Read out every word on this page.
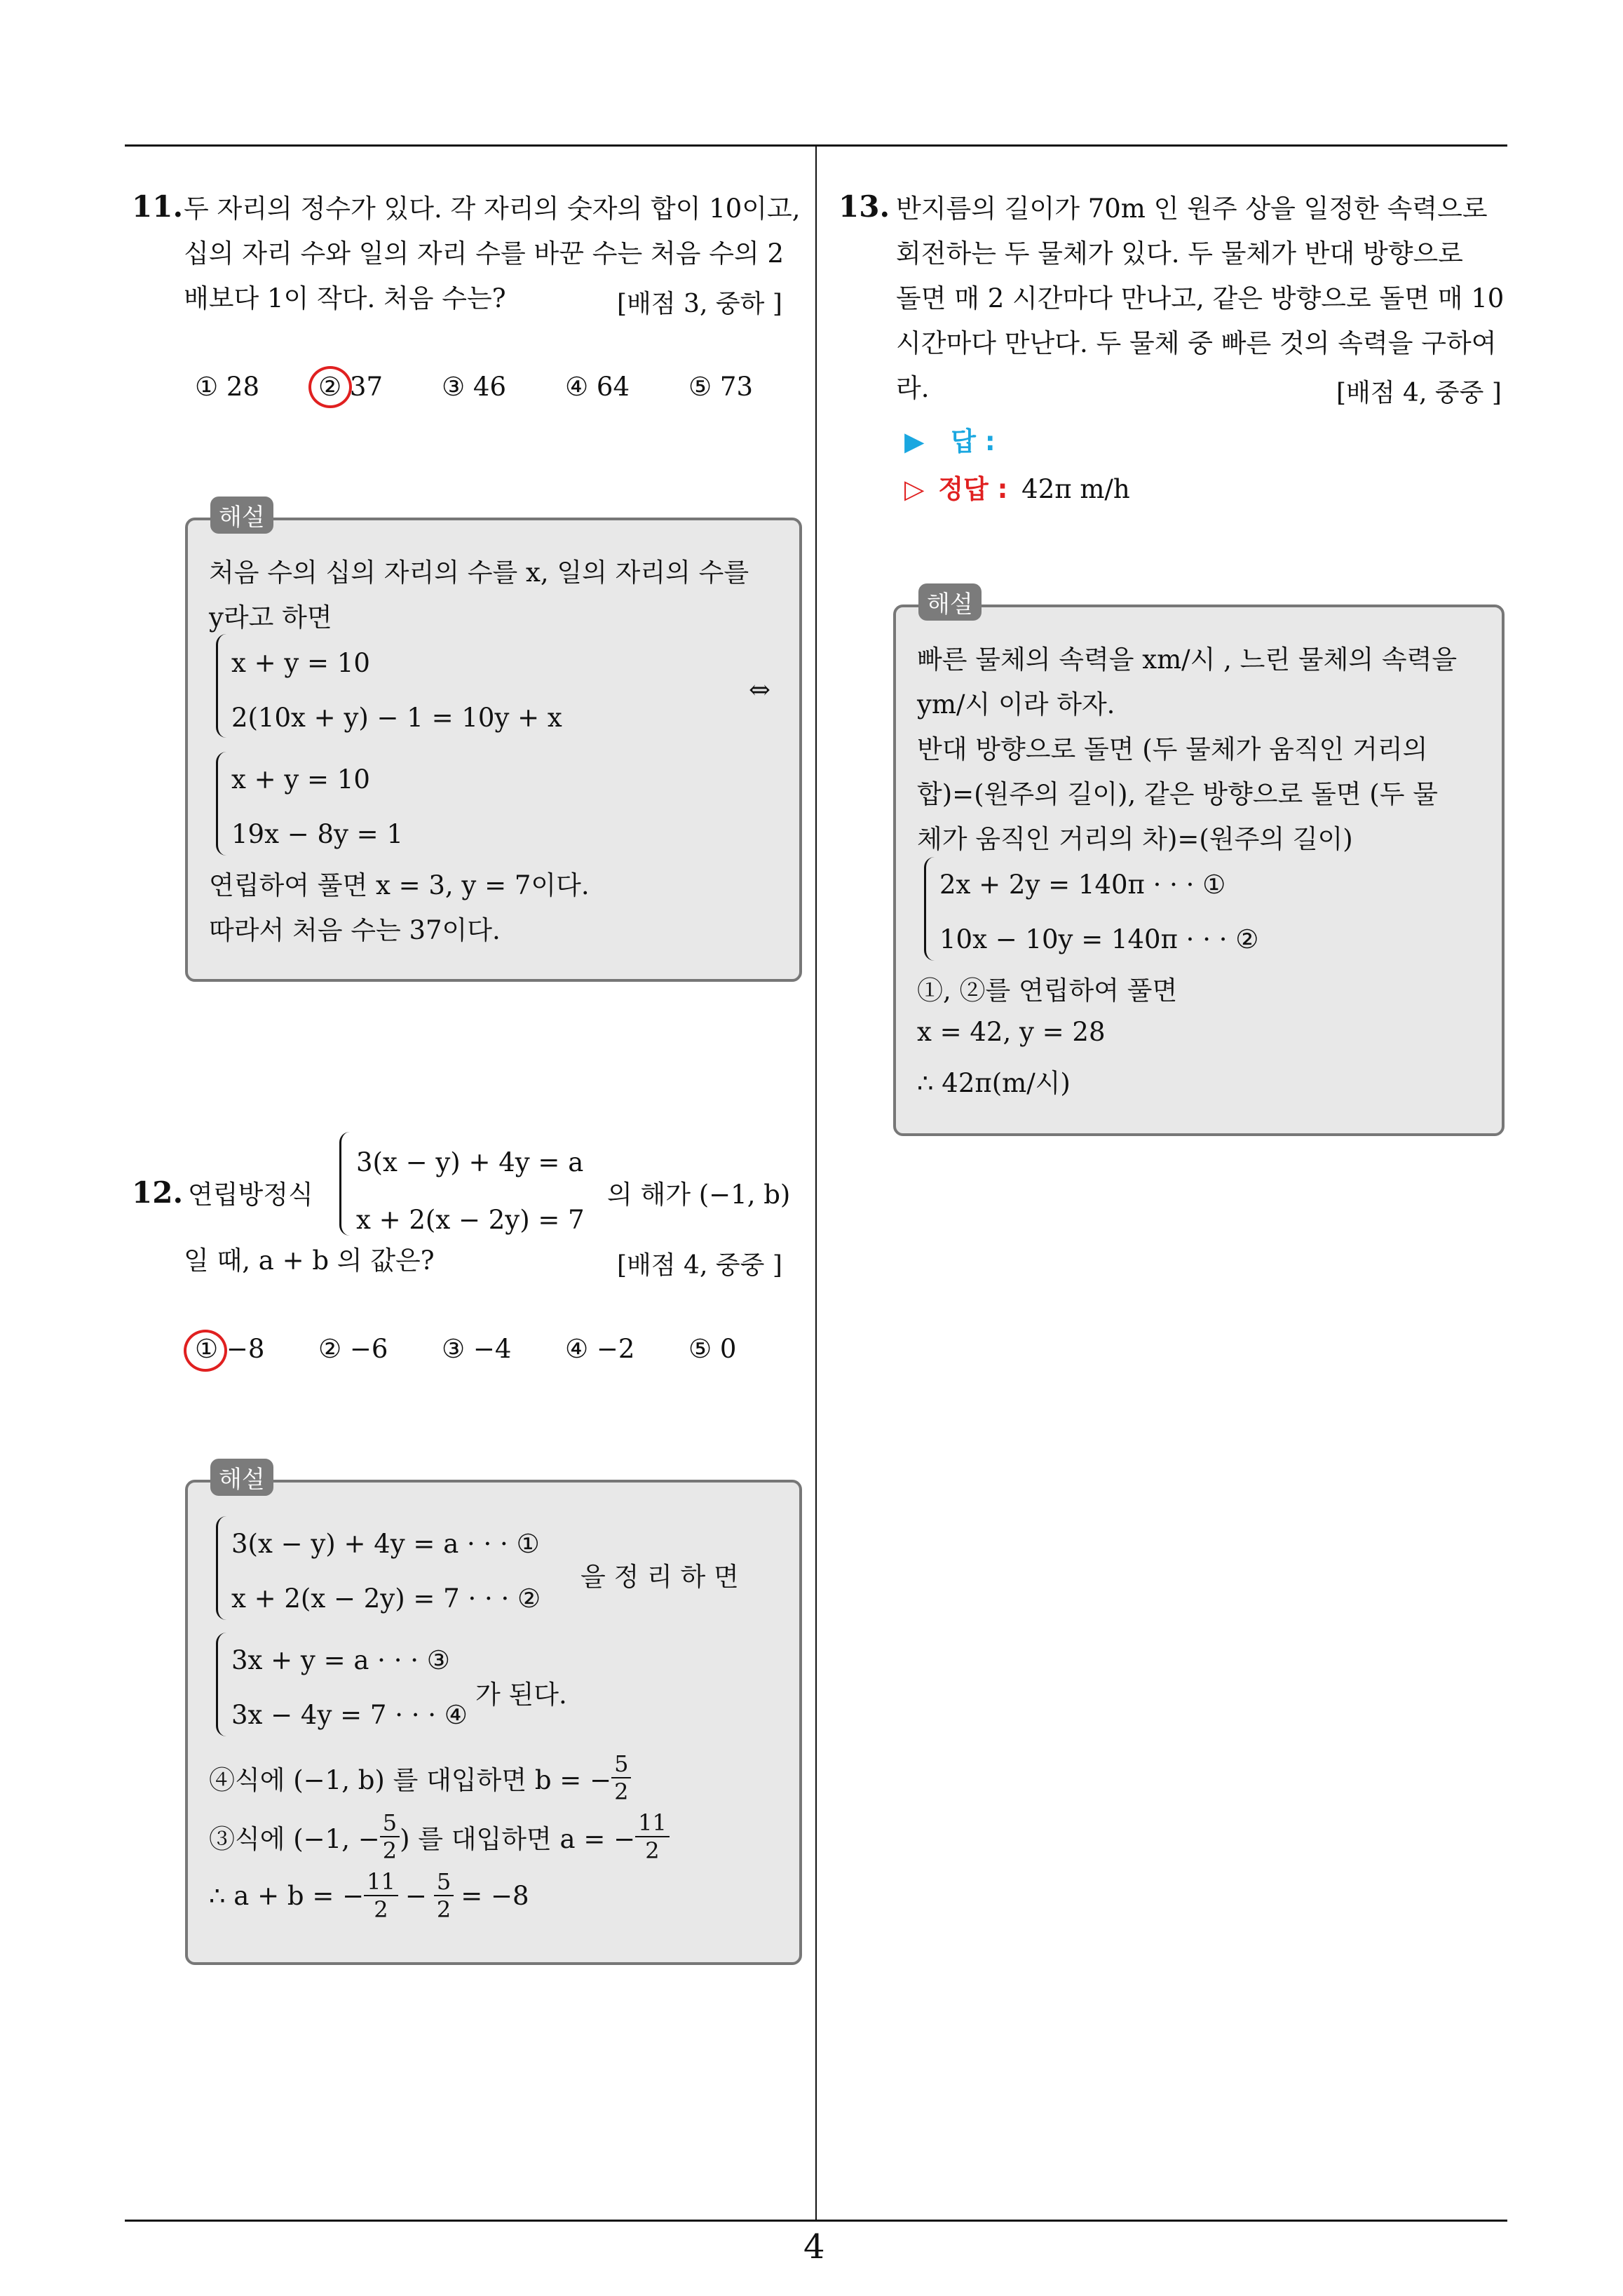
11. 두 자리의 정수가 있다. 각 자리의 숫자의 합이 10이고,
십의 자리 수와 일의 자리 수를 바꾼 수는 처음 수의 2
배보다 1이 작다. 처음 수는?	[배점 3, 중하 ]
① 28 ② 37 ③ 46 ④ 64 ⑤ 73
처음 수의 십의 자리의 수를 x, 일의 자리의 수를
y라고 하면
x + y = 10
2(10x + y) − 1 = 10y + x
⇔
x + y = 10
19x − 8y = 1
연립하여 풀면 x = 3, y = 7이다.
따라서 처음 수는 37이다.
해설
12. 연립방정식
3(x − y) + 4y = a
x + 2(x − 2y) = 7
의 해가 (−1, b)
일 때, a + b 의 값은?	[배점 4, 중중 ]
① −8 ② −6 ③ −4 ④ −2 ⑤ 0
3(x − y) + 4y = a · · · ①
x + 2(x − 2y) = 7 · · · ②
을 정 리 하 면
3x + y = a · · · ③
3x − 4y = 7 · · · ④
가 된다.
④식에 (−1, b) 를 대입하면 b = − $\frac{5}{2}$
③식에 (−1, − $\frac{5}{2}$ ) 를 대입하면 a = − $\frac{11}{2}$
∴ a + b = − $\frac{11}{2} - \frac{5}{2} = -8$
해설
13. 반지름의 길이가 70m 인 원주 상을 일정한 속력으로
회전하는 두 물체가 있다. 두 물체가 반대 방향으로
돌면 매 2 시간마다 만나고, 같은 방향으로 돌면 매 10
시간마다 만난다. 두 물체 중 빠른 것의 속력을 구하여
라.	[배점 4, 중중 ]
▶ 답 :
▷ 정답 : 42π m/h
빠른 물체의 속력을 xm/시 , 느린 물체의 속력을
ym/시 이라 하자.
반대 방향으로 돌면 (두 물체가 움직인 거리의
합)=(원주의 길이), 같은 방향으로 돌면 (두 물
체가 움직인 거리의 차)=(원주의 길이)
2x + 2y = 140π · · · ①
10x − 10y = 140π · · · ②
①, ②를 연립하여 풀면
x = 42, y = 28
∴ 42π(m/시)
해설
4
